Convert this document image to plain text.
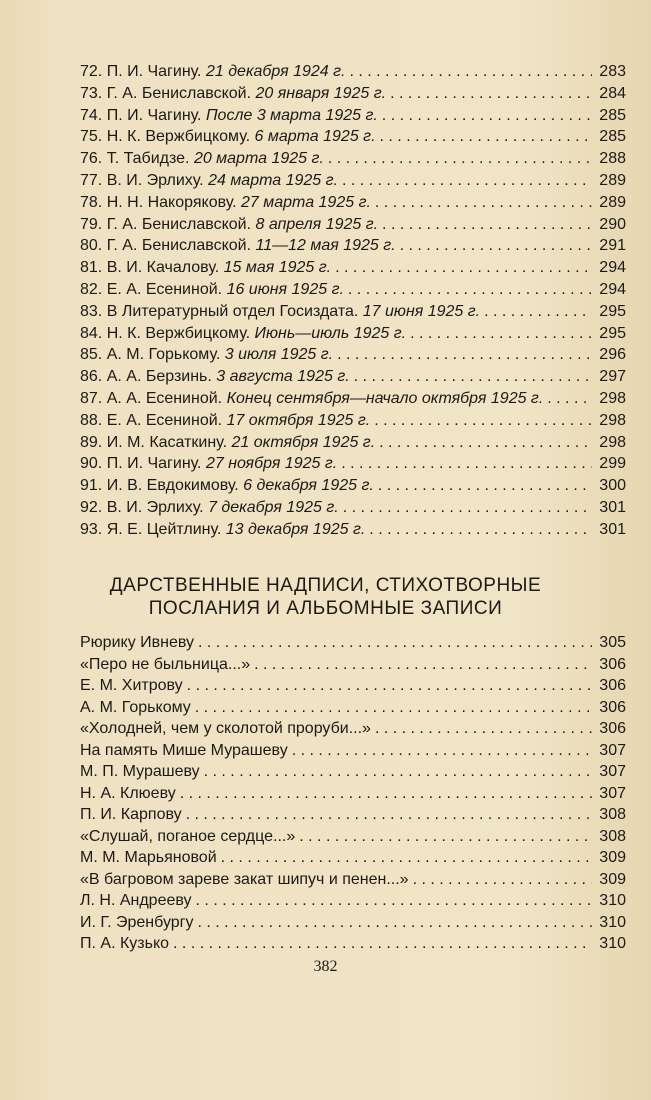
72. П. И. Чагину. 21 декабря 1924 г. . . .	283
73. Г. А. Бениславской. 20 января 1925 г. . . .	284
74. П. И. Чагину. После 3 марта 1925 г. . . .	285
75. Н. К. Вержбицкому. 6 марта 1925 г. . . .	285
76. Т. Табидзе. 20 марта 1925 г. . . .	288
77. В. И. Эрлиху. 24 марта 1925 г. . . .	289
78. Н. Н. Накорякову. 27 марта 1925 г. . . .	289
79. Г. А. Бениславской. 8 апреля 1925 г. . . .	290
80. Г. А. Бениславской. 11—12 мая 1925 г. . . .	291
81. В. И. Качалову. 15 мая 1925 г. . . .	294
82. Е. А. Есениной. 16 июня 1925 г. . . .	294
83. В Литературный отдел Госиздата. 17 июня 1925 г. . . .	295
84. Н. К. Вержбицкому. Июнь—июль 1925 г. . . .	295
85. А. М. Горькому. 3 июля 1925 г. . . .	296
86. А. А. Берзинь. 3 августа 1925 г. . . .	297
87. А. А. Есениной. Конец сентября—начало октября 1925 г. . . .	298
88. Е. А. Есениной. 17 октября 1925 г. . . .	298
89. И. М. Касаткину. 21 октября 1925 г. . . .	298
90. П. И. Чагину. 27 ноября 1925 г. . . .	299
91. И. В. Евдокимову. 6 декабря 1925 г. . . .	300
92. В. И. Эрлиху. 7 декабря 1925 г. . . .	301
93. Я. Е. Цейтлину. 13 декабря 1925 г. . . .	301
ДАРСТВЕННЫЕ НАДПИСИ, СТИХОТВОРНЫЕ
ПОСЛАНИЯ И АЛЬБОМНЫЕ ЗАПИСИ
Рюрику Ивневу . . .	305
«Перо не быльница...» . . .	306
Е. М. Хитрову . . .	306
А. М. Горькому . . .	306
«Холодней, чем у сколотой проруби...» . . .	306
На память Мише Мурашеву . . .	307
М. П. Мурашеву . . .	307
Н. А. Клюеву . . .	307
П. И. Карпову . . .	308
«Слушай, поганое сердце...» . . .	308
М. М. Марьяновой . . .	309
«В багровом зареве закат шипуч и пенен...» . . .	309
Л. Н. Андрееву . . .	310
И. Г. Эренбургу . . .	310
П. А. Кузько . . .	310
382
